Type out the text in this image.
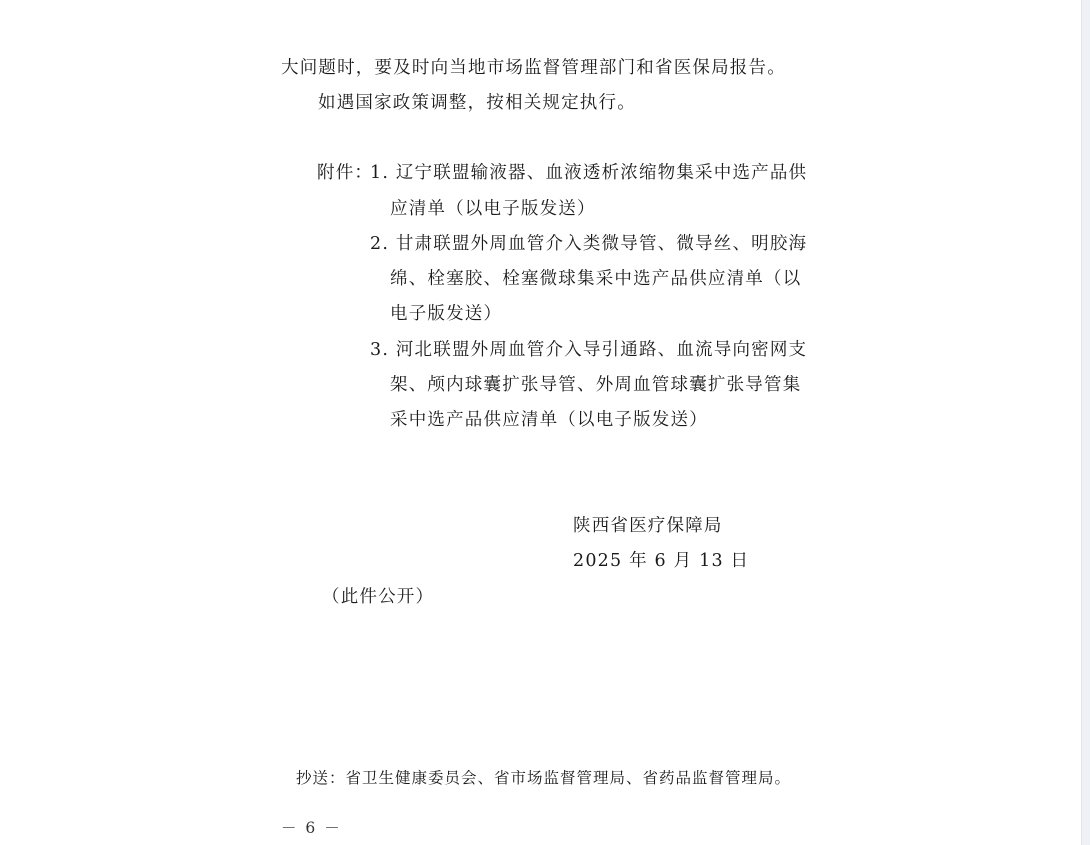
大问题时，要及时向当地市场监督管理部门和省医保局报告。
如遇国家政策调整，按相关规定执行。
附件：
1. 辽宁联盟输液器、血液透析浓缩物集采中选产品供
应清单（以电子版发送）
2. 甘肃联盟外周血管介入类微导管、微导丝、明胶海
绵、栓塞胶、栓塞微球集采中选产品供应清单（以
电子版发送）
3. 河北联盟外周血管介入导引通路、血流导向密网支
架、颅内球囊扩张导管、外周血管球囊扩张导管集
采中选产品供应清单（以电子版发送）
陕西省医疗保障局
2025 年 6 月 13 日
（此件公开）
抄送：省卫生健康委员会、省市场监督管理局、省药品监督管理局。
－ 6 －
